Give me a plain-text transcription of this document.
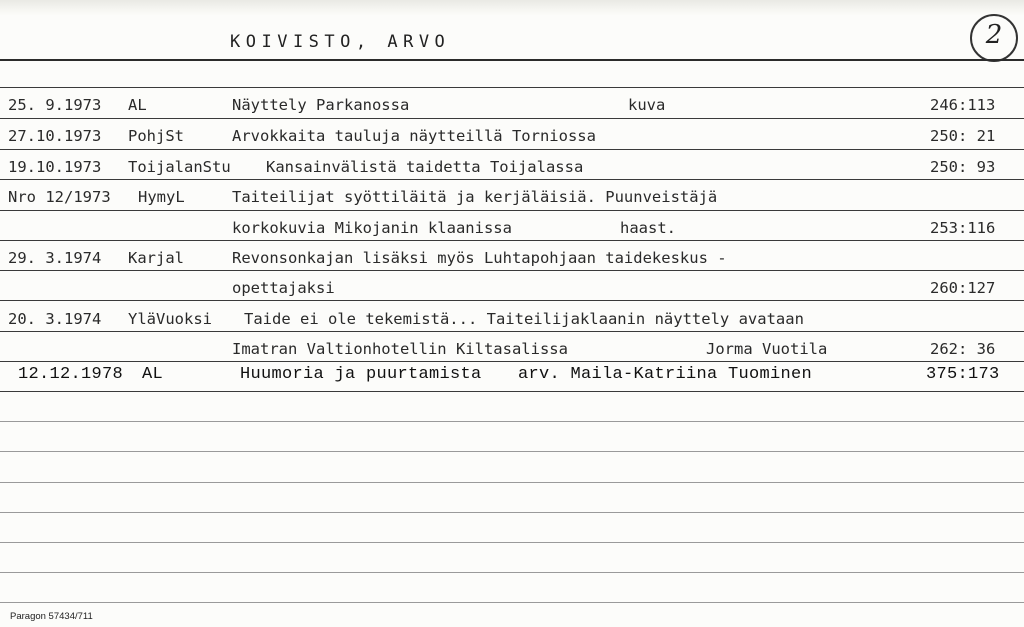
KOIVISTO, ARVO	2
25. 9.1973 AL	Näyttely Parkanossa	kuva	246:113
27.10.1973 PohjSt	Arvokkaita tauluja näytteillä Torniossa	250: 21
19.10.1973 ToijalanStu Kansainvälistä taidetta Toijalassa	250: 93
Nro 12/1973 HymyL	Taiteilijat syöttiläitä ja kerjäläisiä. Puunveistäjä
korkokuvia Mikojanin klaanissa	haast.	253:116
29. 3.1974 Karjal	Revonsonkajan lisäksi myös Luhtapohjaan taidekeskus -
opettajaksi	260:127
20. 3.1974 YläVuoksi Taide ei ole tekemistä... Taiteilijaklaanin näyttely avataan
Imatran Valtionhotellin Kiltasalissa	Jorma Vuotila	262: 36
12.12.1978 AL	Huumoria ja puurtamista arv. Maila-Katriina Tuominen	375:173
Paragon 57434/711
